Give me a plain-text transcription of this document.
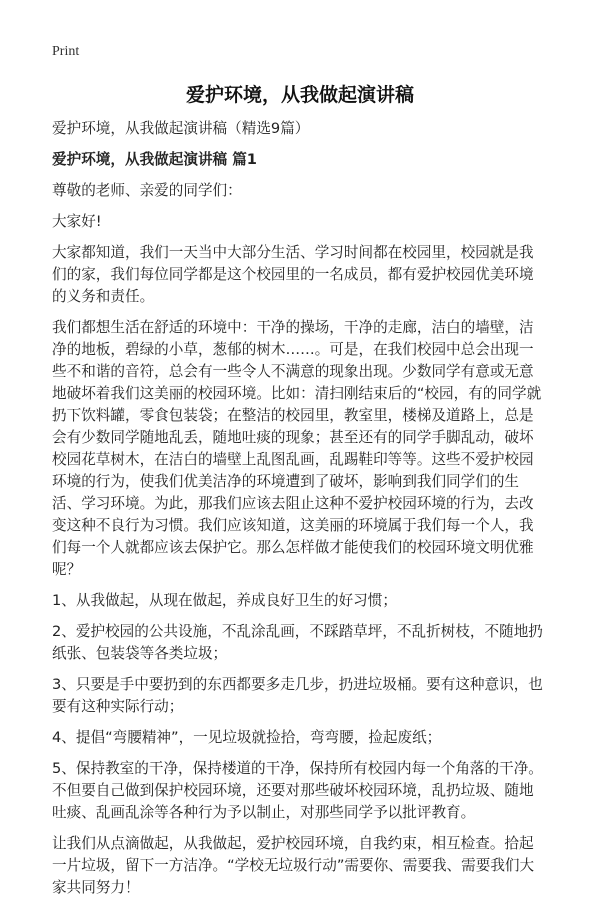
Print
爱护环境，从我做起演讲稿

爱护环境，从我做起演讲稿（精选9篇）

爱护环境，从我做起演讲稿 篇1

尊敬的老师、亲爱的同学们：

大家好!

大家都知道，我们一天当中大部分生活、学习时间都在校园里，校园就是我们的家，我们每位同学都是这个校园里的一名成员，都有爱护校园优美环境的义务和责任。

我们都想生活在舒适的环境中：干净的操场，干净的走廊，洁白的墙壁，洁净的地板，碧绿的小草，葱郁的树木……。可是，在我们校园中总会出现一些不和谐的音符，总会有一些令人不满意的现象出现。少数同学有意或无意地破坏着我们这美丽的校园环境。比如：清扫刚结束后的“校园，有的同学就扔下饮料罐，零食包装袋；在整洁的校园里，教室里，楼梯及道路上，总是会有少数同学随地乱丢，随地吐痰的现象；甚至还有的同学手脚乱动，破坏校园花草树木，在洁白的墙壁上乱图乱画，乱踢鞋印等等。这些不爱护校园环境的行为，使我们优美洁净的环境遭到了破坏，影响到我们同学们的生活、学习环境。为此，那我们应该去阻止这种不爱护校园环境的行为，去改变这种不良行为习惯。我们应该知道，这美丽的环境属于我们每一个人，我们每一个人就都应该去保护它。那么怎样做才能使我们的校园环境文明优雅呢？

1、从我做起，从现在做起，养成良好卫生的好习惯；

2、爱护校园的公共设施，不乱涂乱画，不踩踏草坪，不乱折树枝，不随地扔纸张、包装袋等各类垃圾；

3、只要是手中要扔到的东西都要多走几步，扔进垃圾桶。要有这种意识，也要有这种实际行动；

4、提倡“弯腰精神”，一见垃圾就捡拾，弯弯腰，捡起废纸；

5、保持教室的干净，保持楼道的干净，保持所有校园内每一个角落的干净。不但要自己做到保护校园环境，还要对那些破坏校园环境，乱扔垃圾、随地吐痰、乱画乱涂等各种行为予以制止，对那些同学予以批评教育。

让我们从点滴做起，从我做起，爱护校园环境，自我约束，相互检查。拾起一片垃圾，留下一方洁净。“学校无垃圾行动”需要你、需要我、需要我们大家共同努力！
